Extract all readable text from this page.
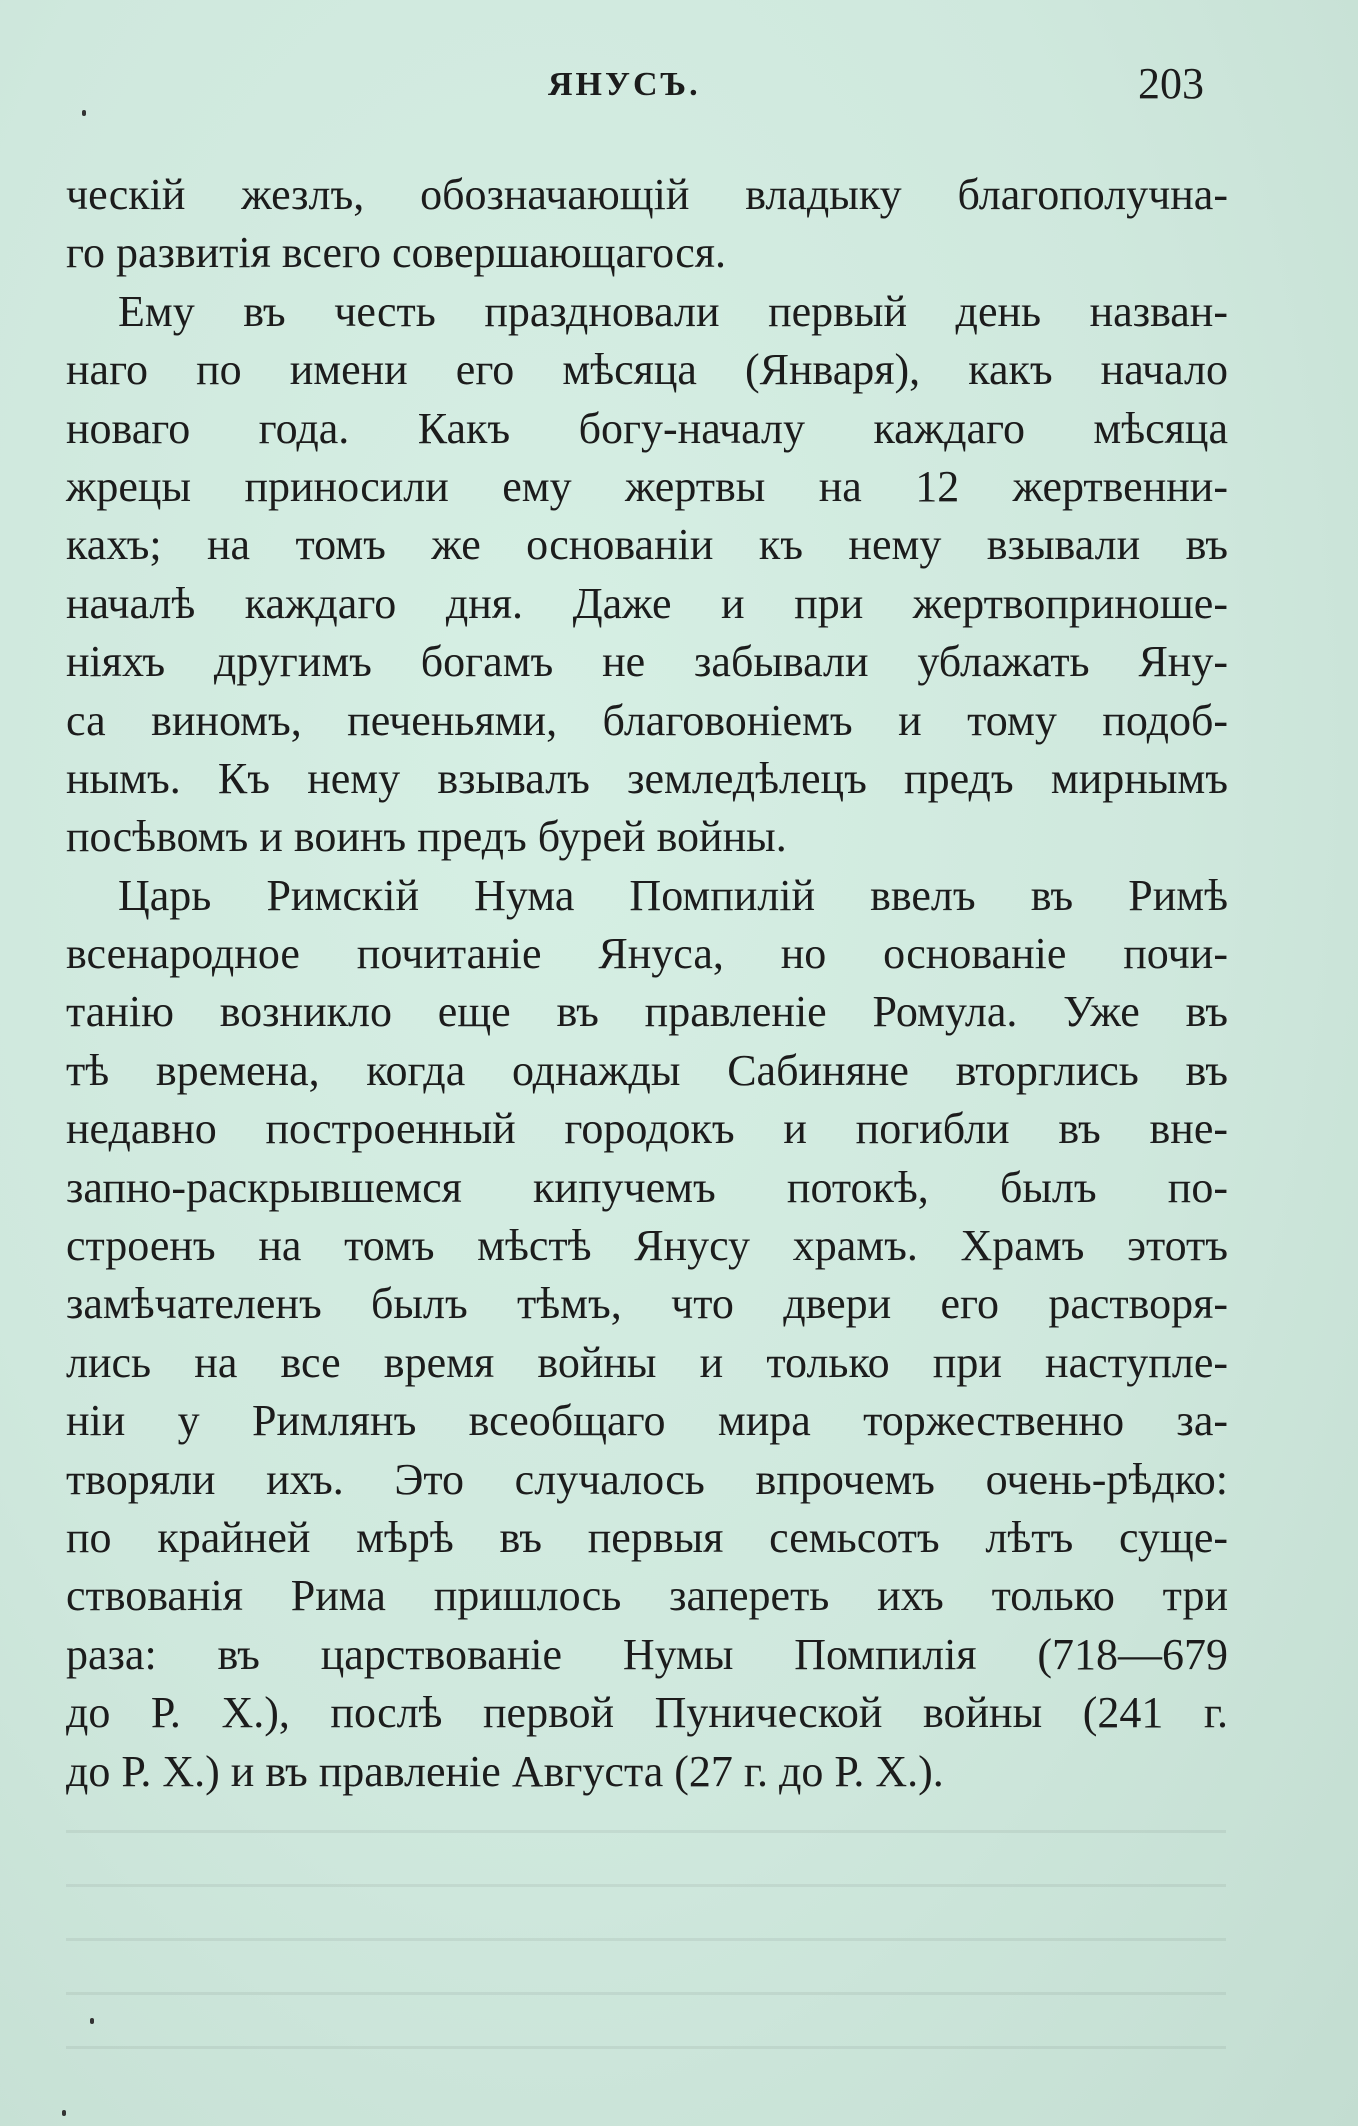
ЯНУСЪ.	203
ческій жезлъ, обозначающій владыку благополучна-
го развитія всего совершающагося.
Ему въ честь праздновали первый день назван-
наго по имени его мѣсяца (Января), какъ начало
новаго года. Какъ богу-началу каждаго мѣсяца
жрецы приносили ему жертвы на 12 жертвенни-
кахъ; на томъ же основаніи къ нему взывали въ
началѣ каждаго дня. Даже и при жертвоприноше-
ніяхъ другимъ богамъ не забывали ублажать Яну-
са виномъ, печеньями, благовоніемъ и тому подоб-
нымъ. Къ нему взывалъ земледѣлецъ предъ мирнымъ
посѣвомъ и воинъ предъ бурей войны.
Царь Римскій Нума Помпилій ввелъ въ Римѣ
всенародное почитаніе Януса, но основаніе почи-
танію возникло еще въ правленіе Ромула. Уже въ
тѣ времена, когда однажды Сабиняне вторглись въ
недавно построенный городокъ и погибли въ вне-
запно-раскрывшемся кипучемъ потокѣ, былъ по-
строенъ на томъ мѣстѣ Янусу храмъ. Храмъ этотъ
замѣчателенъ былъ тѣмъ, что двери его растворя-
лись на все время войны и только при наступле-
ніи у Римлянъ всеобщаго мира торжественно за-
творяли ихъ. Это случалось впрочемъ очень-рѣдко:
по крайней мѣрѣ въ первыя семьсотъ лѣтъ суще-
ствованія Рима пришлось запереть ихъ только три
раза: въ царствованіе Нумы Помпилія (718—679
до Р. Х.), послѣ первой Пунической войны (241 г.
до Р. Х.) и въ правленіе Августа (27 г. до Р. Х.).
